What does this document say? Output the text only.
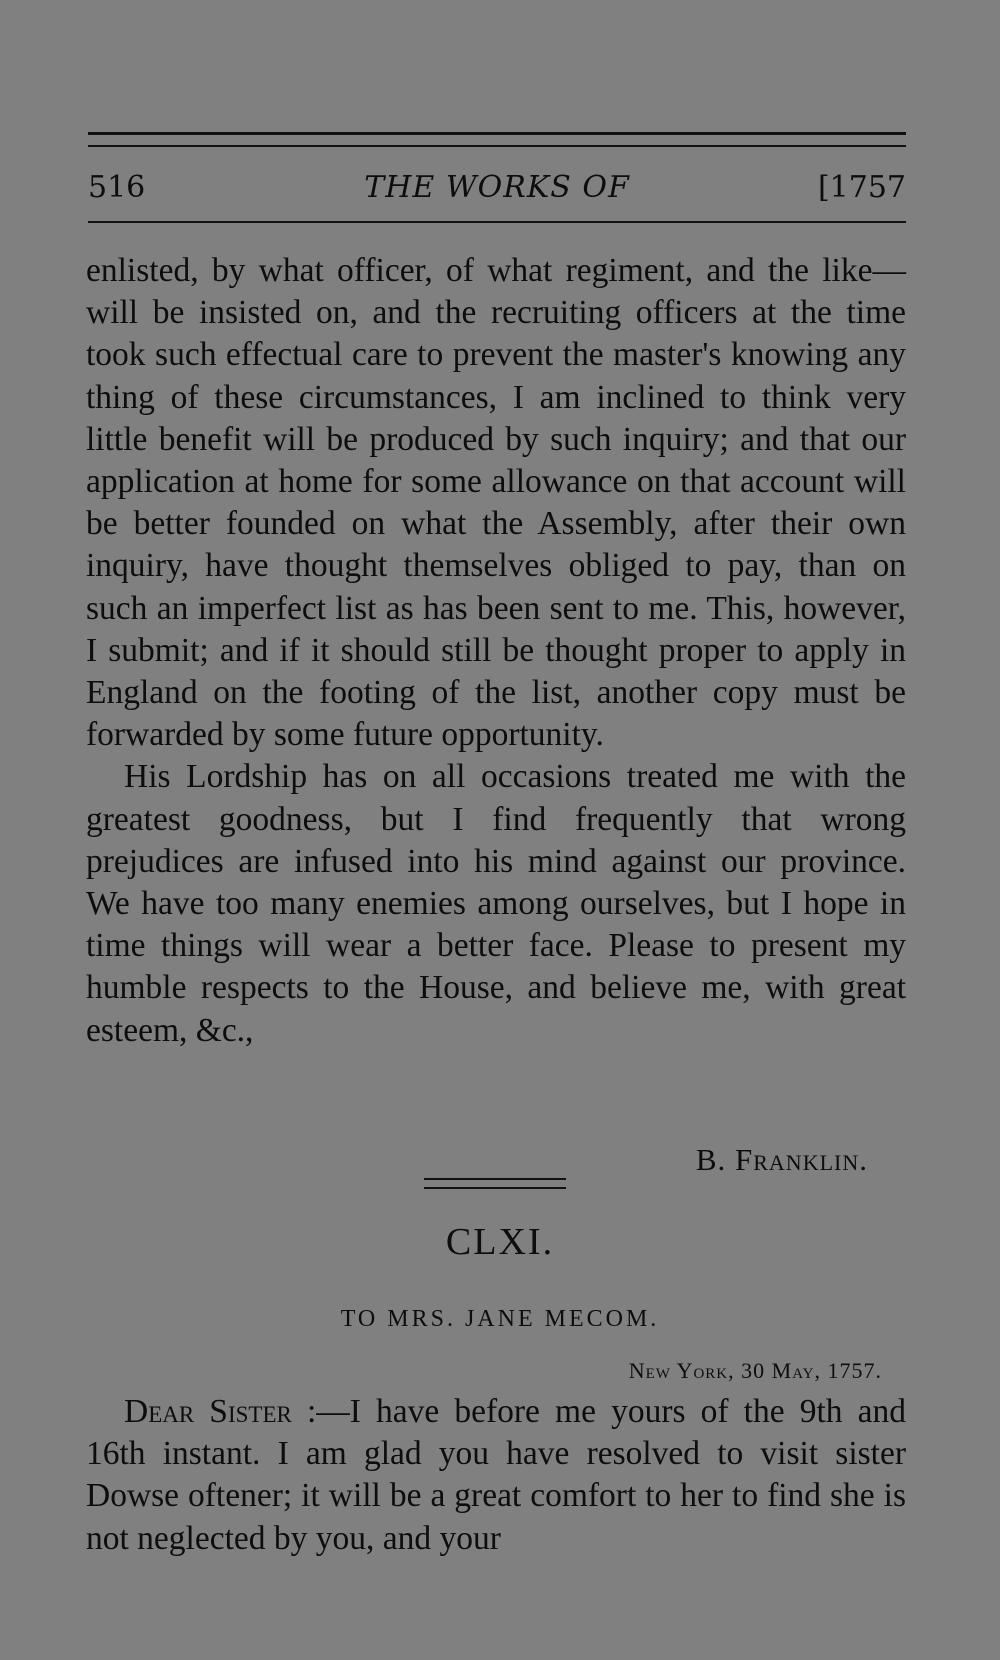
516	THE WORKS OF	[1757

enlisted, by what officer, of what regiment, and the like—will be insisted on, and the recruiting officers at the time took such effectual care to prevent the master's knowing any thing of these circumstances, I am inclined to think very little benefit will be produced by such inquiry; and that our application at home for some allowance on that account will be better founded on what the Assembly, after their own inquiry, have thought themselves obliged to pay, than on such an imperfect list as has been sent to me. This, however, I submit; and if it should still be thought proper to apply in England on the footing of the list, another copy must be forwarded by some future opportunity.

His Lordship has on all occasions treated me with the greatest goodness, but I find frequently that wrong prejudices are infused into his mind against our province. We have too many enemies among ourselves, but I hope in time things will wear a better face. Please to present my humble respects to the House, and believe me, with great esteem, &c.,

B. Franklin.
CLXI.
TO MRS. JANE MECOM.
New York, 30 May, 1757.

Dear Sister :—I have before me yours of the 9th and 16th instant. I am glad you have resolved to visit sister Dowse oftener; it will be a great comfort to her to find she is not neglected by you, and your
